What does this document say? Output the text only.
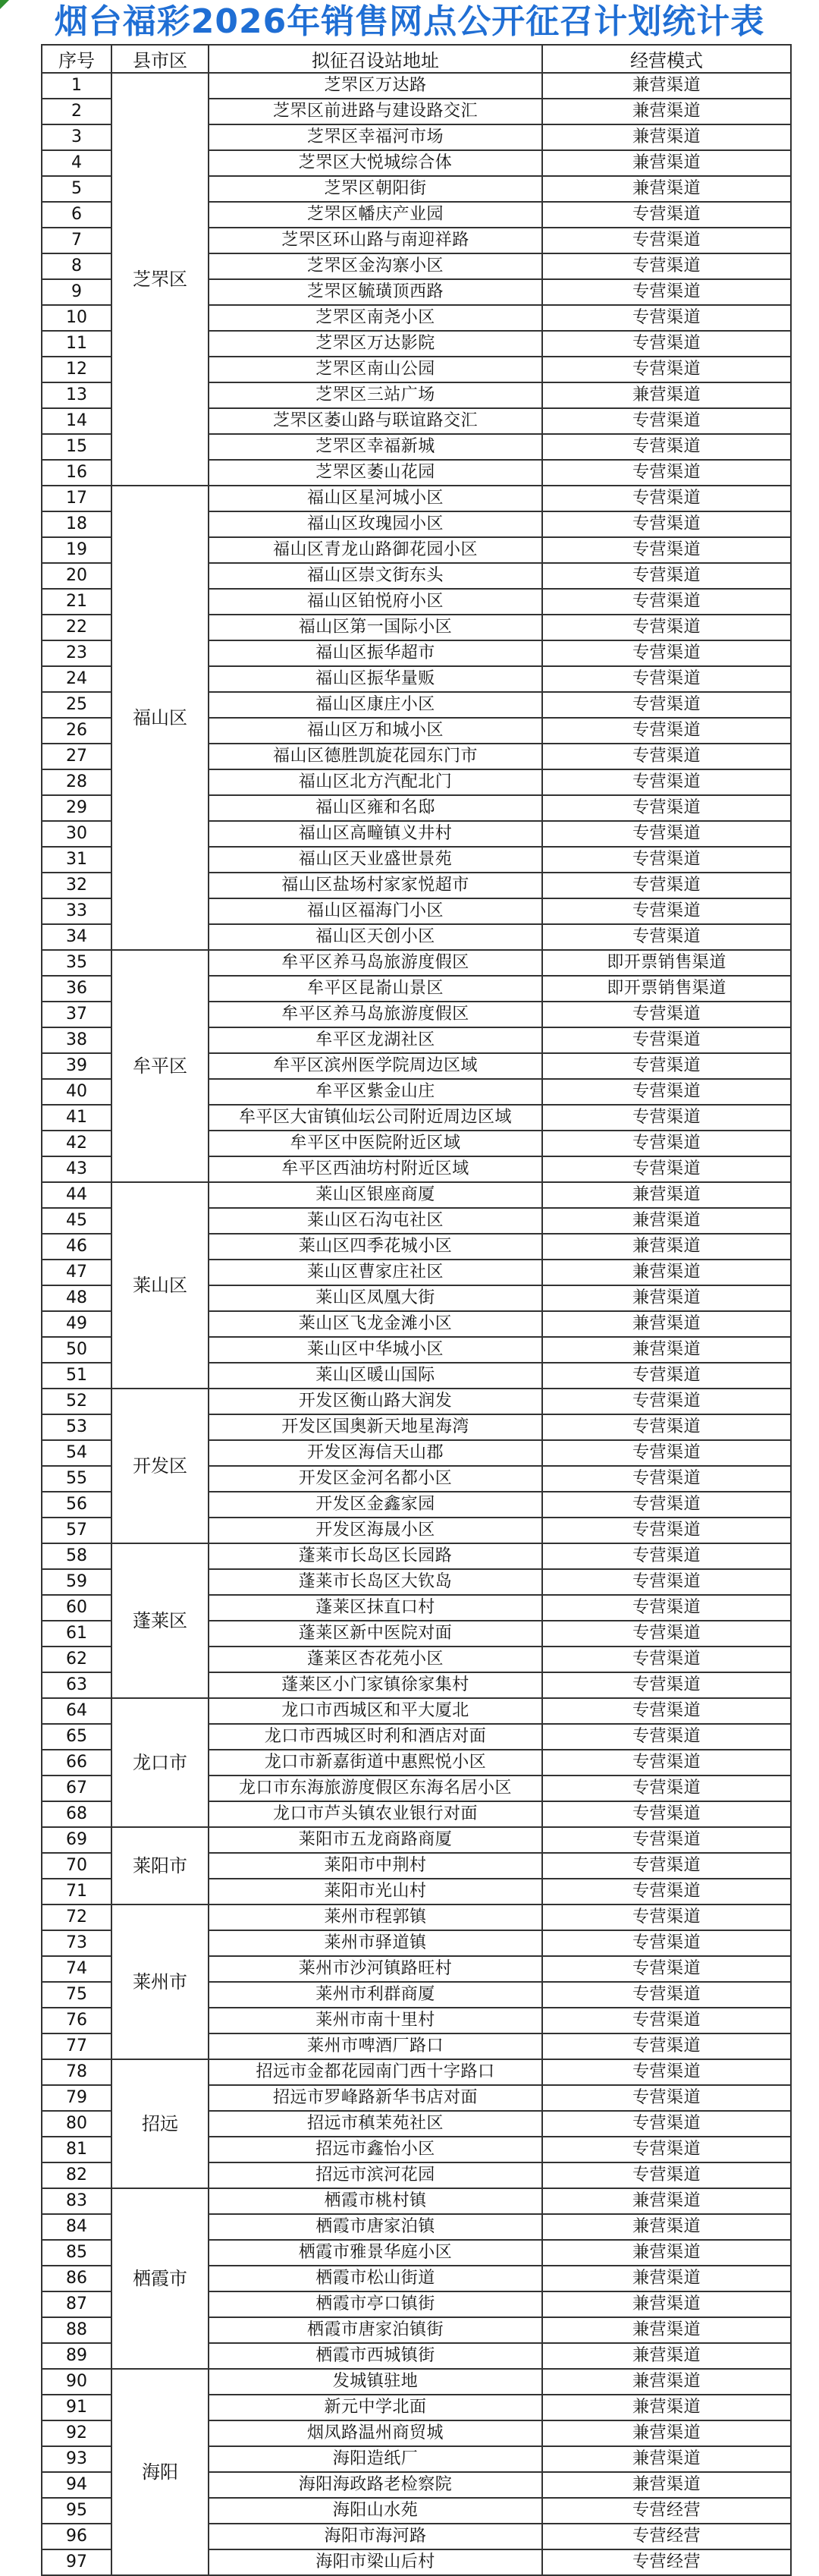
烟台福彩2026年销售网点公开征召计划统计表
序号	县市区	拟征召设站地址	经营模式
1	芝罘区	芝罘区万达路	兼营渠道
2		芝罘区前进路与建设路交汇	兼营渠道
3		芝罘区幸福河市场	兼营渠道
4		芝罘区大悦城综合体	兼营渠道
5		芝罘区朝阳街	兼营渠道
6		芝罘区幡庆产业园	专营渠道
7		芝罘区环山路与南迎祥路	专营渠道
8		芝罘区金沟寨小区	专营渠道
9		芝罘区毓璜顶西路	专营渠道
10		芝罘区南尧小区	专营渠道
11		芝罘区万达影院	专营渠道
12		芝罘区南山公园	专营渠道
13		芝罘区三站广场	兼营渠道
14		芝罘区萎山路与联谊路交汇	专营渠道
15		芝罘区幸福新城	专营渠道
16		芝罘区萎山花园	专营渠道
17	福山区	福山区星河城小区	专营渠道
18		福山区玫瑰园小区	专营渠道
19		福山区青龙山路御花园小区	专营渠道
20		福山区崇文街东头	专营渠道
21		福山区铂悦府小区	专营渠道
22		福山区第一国际小区	专营渠道
23		福山区振华超市	专营渠道
24		福山区振华量贩	专营渠道
25		福山区康庄小区	专营渠道
26		福山区万和城小区	专营渠道
27		福山区德胜凯旋花园东门市	专营渠道
28		福山区北方汽配北门	专营渠道
29		福山区雍和名邸	专营渠道
30		福山区高疃镇义井村	专营渠道
31		福山区天业盛世景苑	专营渠道
32		福山区盐场村家家悦超市	专营渠道
33		福山区福海门小区	专营渠道
34		福山区天创小区	专营渠道
35	牟平区	牟平区养马岛旅游度假区	即开票销售渠道
36		牟平区昆嵛山景区	即开票销售渠道
37		牟平区养马岛旅游度假区	专营渠道
38		牟平区龙湖社区	专营渠道
39		牟平区滨州医学院周边区域	专营渠道
40		牟平区紫金山庄	专营渠道
41		牟平区大宙镇仙坛公司附近周边区域	专营渠道
42		牟平区中医院附近区域	专营渠道
43		牟平区西油坊村附近区域	专营渠道
44	莱山区	莱山区银座商厦	兼营渠道
45		莱山区石沟屯社区	兼营渠道
46		莱山区四季花城小区	兼营渠道
47		莱山区曹家庄社区	兼营渠道
48		莱山区凤凰大街	兼营渠道
49		莱山区飞龙金滩小区	兼营渠道
50		莱山区中华城小区	兼营渠道
51		莱山区暖山国际	专营渠道
52	开发区	开发区衡山路大润发	专营渠道
53		开发区国奥新天地星海湾	专营渠道
54		开发区海信天山郡	专营渠道
55		开发区金河名都小区	专营渠道
56		开发区金鑫家园	专营渠道
57		开发区海晟小区	专营渠道
58	蓬莱区	蓬莱市长岛区长园路	专营渠道
59		蓬莱市长岛区大钦岛	专营渠道
60		蓬莱区抹直口村	专营渠道
61		蓬莱区新中医院对面	专营渠道
62		蓬莱区杏花苑小区	专营渠道
63		蓬莱区小门家镇徐家集村	专营渠道
64	龙口市	龙口市西城区和平大厦北	专营渠道
65		龙口市西城区时利和酒店对面	专营渠道
66		龙口市新嘉街道中惠熙悦小区	专营渠道
67		龙口市东海旅游度假区东海名居小区	专营渠道
68		龙口市芦头镇农业银行对面	专营渠道
69	莱阳市	莱阳市五龙商路商厦	专营渠道
70		莱阳市中荆村	专营渠道
71		莱阳市光山村	专营渠道
72	莱州市	莱州市程郭镇	专营渠道
73		莱州市驿道镇	专营渠道
74		莱州市沙河镇路旺村	专营渠道
75		莱州市利群商厦	专营渠道
76		莱州市南十里村	专营渠道
77		莱州市啤酒厂路口	专营渠道
78	招远	招远市金都花园南门西十字路口	专营渠道
79		招远市罗峰路新华书店对面	专营渠道
80		招远市稹茉苑社区	专营渠道
81		招远市鑫怡小区	专营渠道
82		招远市滨河花园	专营渠道
83	栖霞市	栖霞市桃村镇	兼营渠道
84		栖霞市唐家泊镇	兼营渠道
85		栖霞市雅景华庭小区	兼营渠道
86		栖霞市松山街道	兼营渠道
87		栖霞市亭口镇街	兼营渠道
88		栖霞市唐家泊镇街	兼营渠道
89		栖霞市西城镇街	兼营渠道
90	海阳	发城镇驻地	兼营渠道
91		新元中学北面	兼营渠道
92		烟凤路温州商贸城	兼营渠道
93		海阳造纸厂	兼营渠道
94		海阳海政路老检察院	兼营渠道
95		海阳山水苑	专营经营
96		海阳市海河路	专营经营
97		海阳市梁山后村	专营经营
